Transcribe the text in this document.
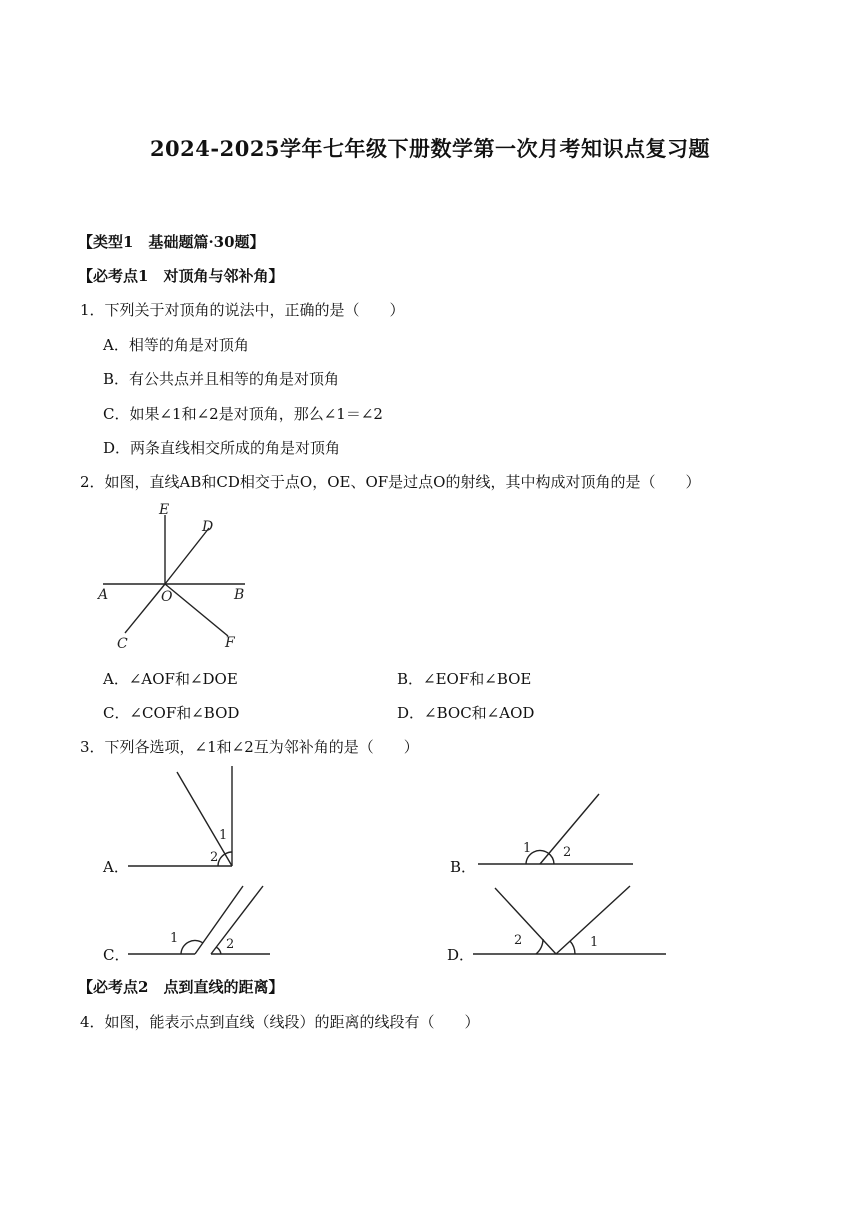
2024-2025学年七年级下册数学第一次月考知识点复习题
【类型1　基础题篇·30题】
【必考点1　对顶角与邻补角】
1．下列关于对顶角的说法中，正确的是（　　）
A．相等的角是对顶角
B．有公共点并且相等的角是对顶角
C．如果∠1和∠2是对顶角，那么∠1＝∠2
D．两条直线相交所成的角是对顶角
2．如图，直线AB和CD相交于点O，OE、OF是过点O的射线，其中构成对顶角的是（　　）
E
D
A	O	B
C	F
A．∠AOF和∠DOE	B．∠EOF和∠BOE
C．∠COF和∠BOD	D．∠BOC和∠AOD
3．下列各选项，∠1和∠2互为邻补角的是（　　）
A．
1
2
B．
1 2
C．
1	2
D．
2	1
【必考点2　点到直线的距离】
4．如图，能表示点到直线（线段）的距离的线段有（　　）
